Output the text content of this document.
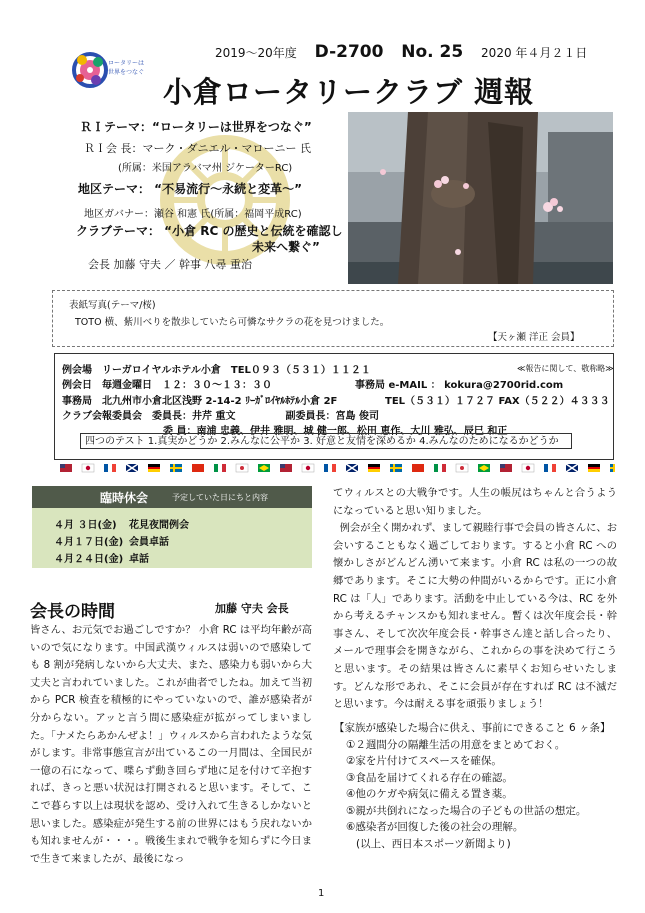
2019～20年度 D-2700 No. 25 2020 年４月２１日
ロータリーは
世界をつなぐ
小倉ロータリークラブ 週報
ＲＩテーマ：“ロータリーは世界をつなぐ”
ＲＩ会 長：マーク・ダニエル・マローニー 氏
(所属：米国アラバマ州 ジケーターRC)
地区テーマ： “不易流行～永続と変革～”
地区ガバナー：瀬谷 和憲 氏(所属：福岡平成RC)
クラブテーマ： “小倉 RC の歴史と伝統を確認し
未来へ繋ぐ”
会長 加藤 守夫 ／ 幹事 八尋 重治
表紙写真(テーマ/桜)
TOTO 横、紫川べりを散歩していたら可憐なサクラの花を見つけました。
【天ヶ瀬 洋正 会員】
例会場　リーガロイヤルホテル小倉　TEL０９３（５３１）１１２１	≪報告に関して、敬称略≫
例会日　毎週金曜日　１２：３０～１３：３０	事務局 e-MAIL ： kokura@2700rid.com
事務局　北九州市小倉北区浅野 2-14-2 ﾘｰｶﾞﾛｲﾔﾙﾎﾃﾙ小倉 2F	TEL（５３１）１７２７ FAX（５２２）４３３３
クラブ会報委員会　委員長：井芹 重文　　　　　副委員長：宮島 俊司
委 員：南浦 忠義、伊井 雅明、城 健一郎、松田 恵作、大川 雅弘、辰巳 和正
四つのテスト 1.真実かどうか 2.みんなに公平か 3. 好意と友情を深めるか 4.みんなのためになるかどうか
臨時休会	予定していた日にちと内容
４月 ３日(金) 花見夜間例会
４月１７日(金) 会員卓話
４月２４日(金) 卓話
会長の時間	加藤 守夫 会長
皆さん、お元気でお過ごしですか？ 小倉 RC は平均年齢が高いので気になります。中国武漢ウィルスは弱いので感染しても 8 割が発病しないから大丈夫、また、感染力も弱いから大丈夫と言われていました。これが曲者でしたね。加えて当初から PCR 検査を積極的にやっていないので、誰が感染者が分からない。アッと言う間に感染症が拡がってしまいました。「ナメたらあかんぜよ！」ウィルスから言われたような気がします。非常事態宣言が出ているこの一月間は、全国民が一億の石になって、喋らず動き回らず地に足を付けて辛抱すれば、きっと悪い状況は打開されると思います。そして、ここで暮らす以上は現状を認め、受け入れて生きるしかないと思いました。感染症が発生する前の世界にはもう戻れないかも知れませんが・・・。戦後生まれで戦争を知らずに今日まで生きて来ましたが、最後になっ
てウィルスとの大戦争です。人生の帳尻はちゃんと合うようになっていると思い知りました。
例会が全く開かれず、まして親睦行事で会員の皆さんに、お会いすることもなく過ごしております。すると小倉 RC への懐かしさがどんどん湧いて来ます。小倉 RC は私の一つの故郷であります。そこに大勢の仲間がいるからです。正に小倉 RC は「人」であります。活動を中止している今は、RC を外から考えるチャンスかも知れません。暫くは次年度会長・幹事さん、そして次次年度会長・幹事さん達と話し合ったり、メールで理事会を開きながら、これからの事を決めて行こうと思います。その結果は皆さんに素早くお知らせいたします。どんな形であれ、そこに会員が存在すれば RC は不滅だと思います。今は耐える事を頑張りましょう！
【家族が感染した場合に供え、事前にできること 6 ヶ条】
①２週間分の隔離生活の用意をまとめておく。
②家を片付けてスペースを確保。
③食品を届けてくれる存在の確認。
④他のケガや病気に備える置き薬。
⑤親が共倒れになった場合の子どもの世話の想定。
⑥感染者が回復した後の社会の理解。
(以上、西日本スポーツ新聞より)
1
